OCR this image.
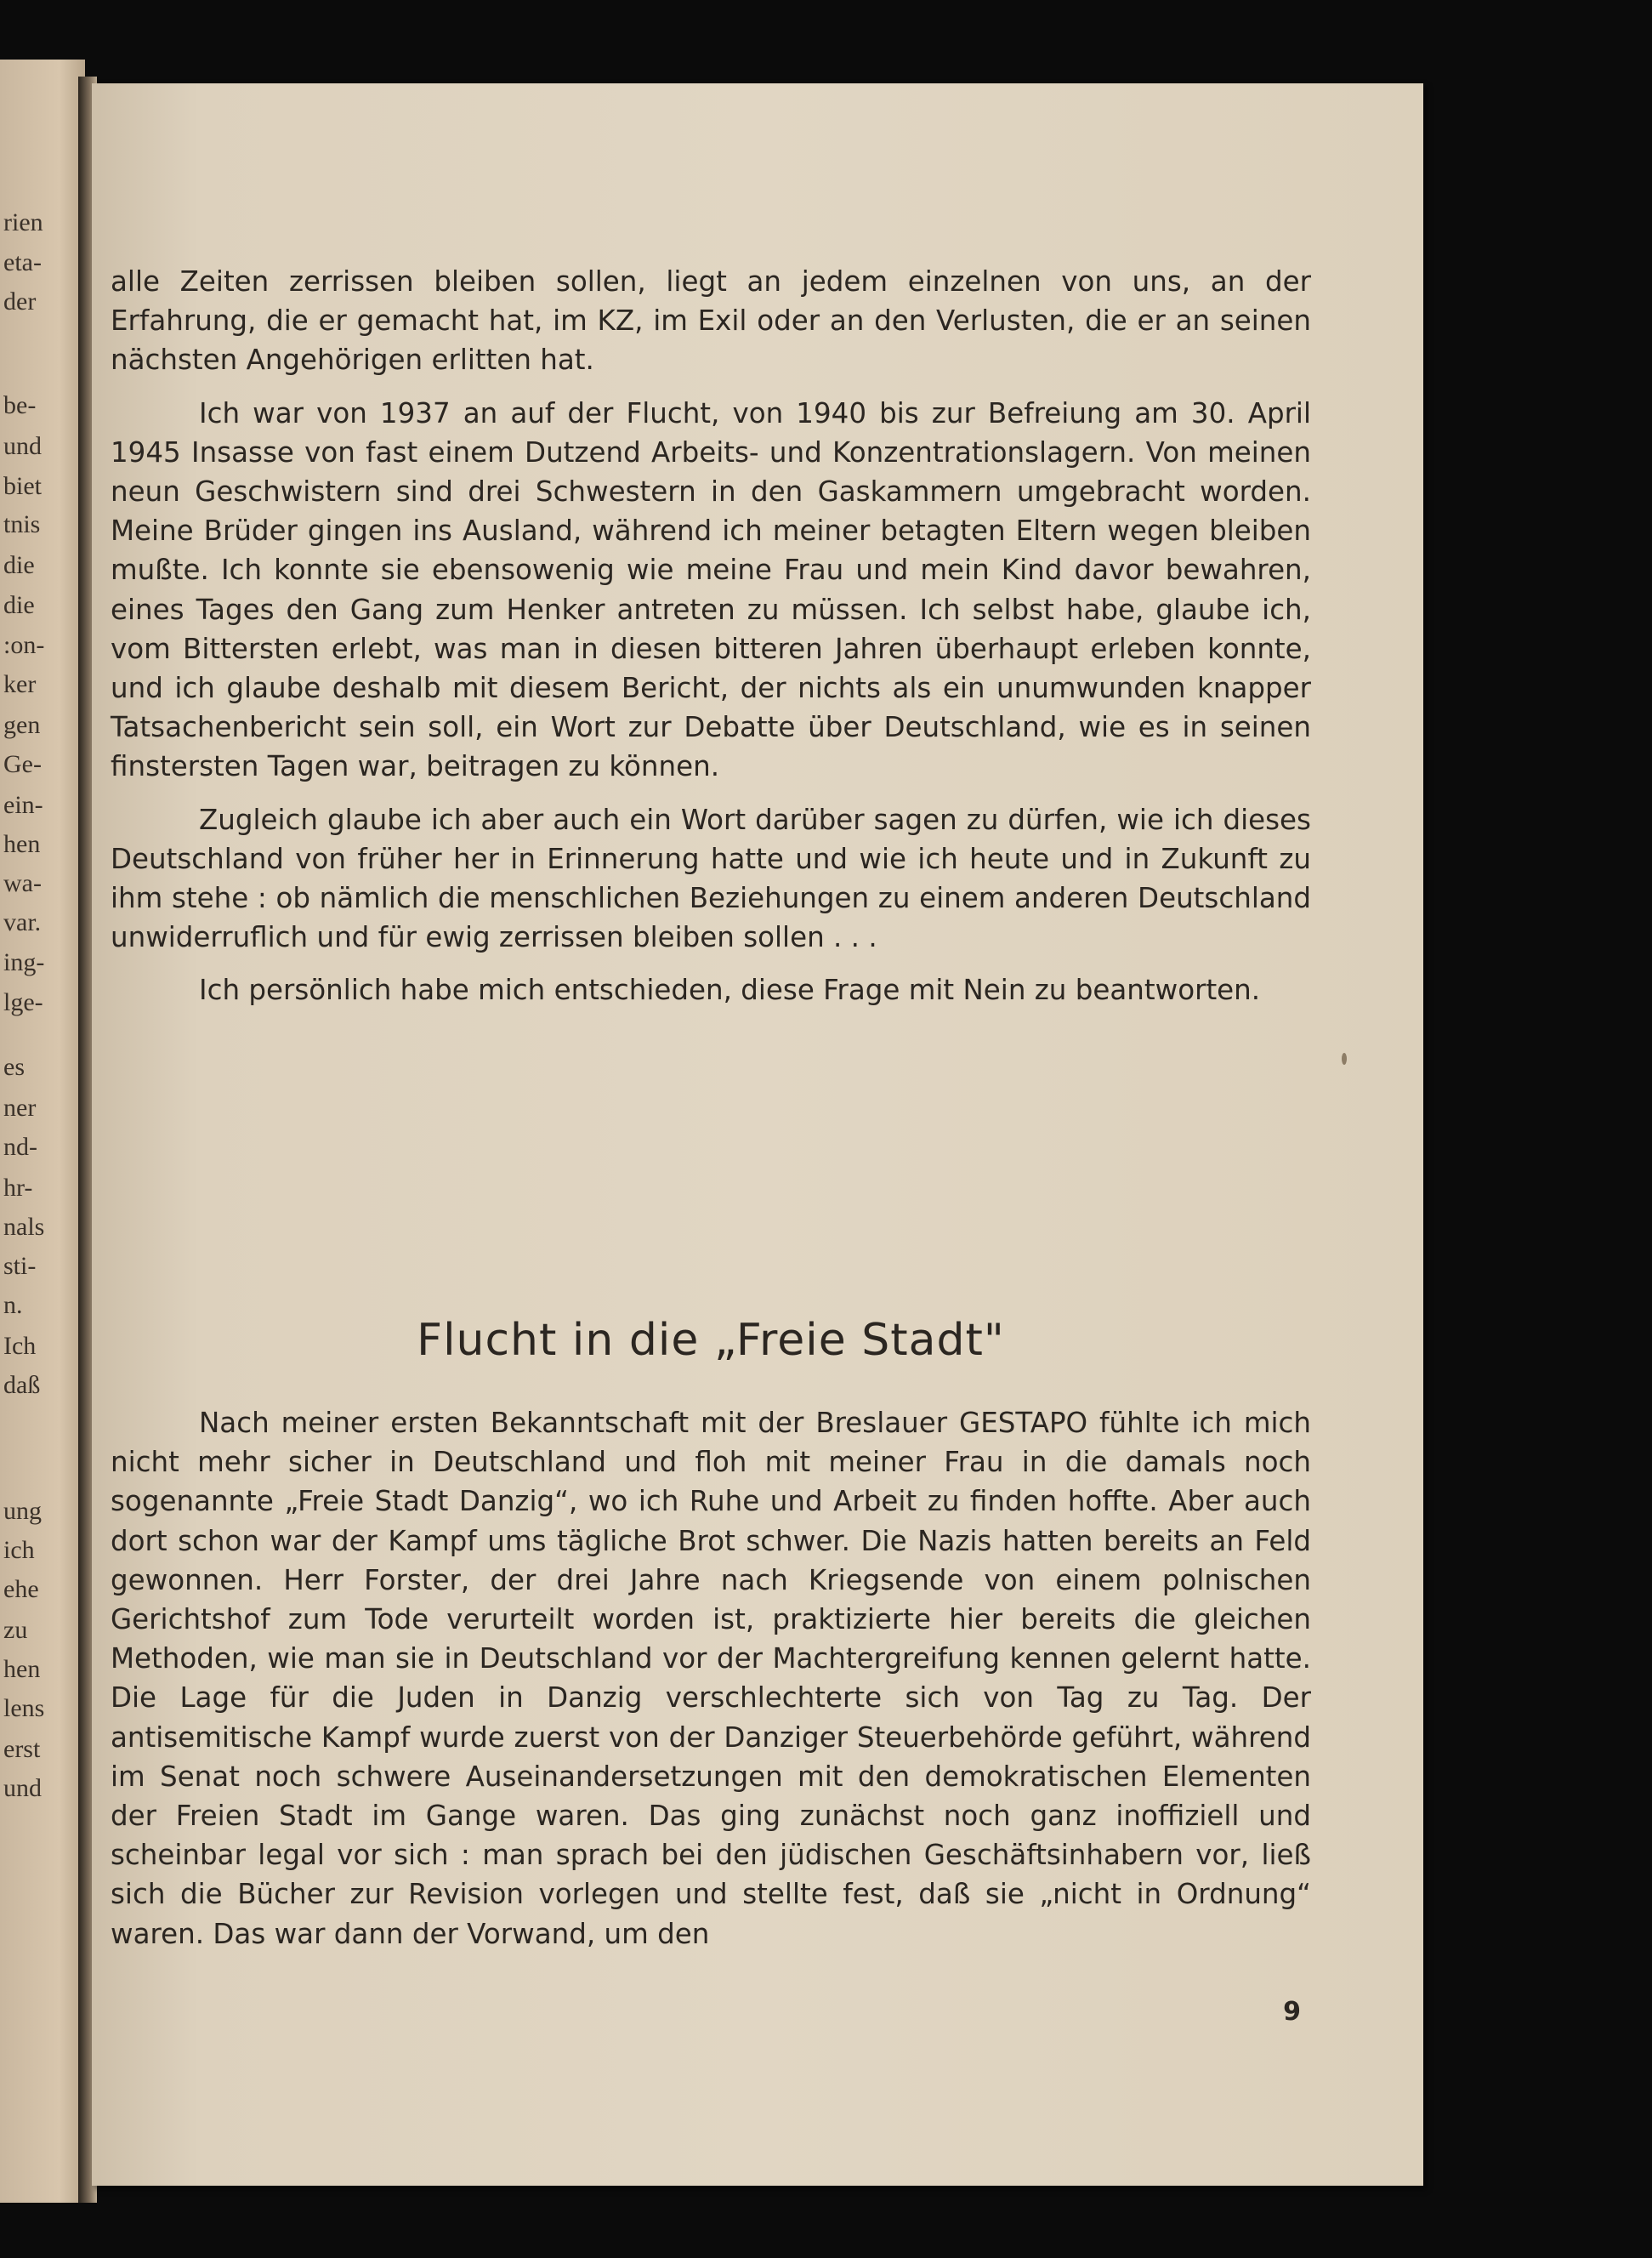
rien
eta-
der
be-
und
biet
tnis
die
die
:on-
ker
gen
Ge-
ein-
hen
wa-
var.
ing-
lge-
es
ner
nd-
hr-
nals
sti-
n.
Ich
daß
ung
ich
ehe
zu
hen
lens
erst
und

alle Zeiten zerrissen bleiben sollen, liegt an jedem einzelnen von uns, an der Erfahrung, die er gemacht hat, im KZ, im Exil oder an den Verlusten, die er an seinen nächsten Angehörigen erlitten hat.

Ich war von 1937 an auf der Flucht, von 1940 bis zur Befreiung am 30. April 1945 Insasse von fast einem Dutzend Arbeits- und Konzentrationslagern. Von meinen neun Geschwistern sind drei Schwestern in den Gaskammern umgebracht worden. Meine Brüder gingen ins Ausland, während ich meiner betagten Eltern wegen bleiben mußte. Ich konnte sie ebensowenig wie meine Frau und mein Kind davor bewahren, eines Tages den Gang zum Henker antreten zu müssen. Ich selbst habe, glaube ich, vom Bittersten erlebt, was man in diesen bitteren Jahren überhaupt erleben konnte, und ich glaube deshalb mit diesem Bericht, der nichts als ein unumwunden knapper Tatsachenbericht sein soll, ein Wort zur Debatte über Deutschland, wie es in seinen finstersten Tagen war, beitragen zu können.

Zugleich glaube ich aber auch ein Wort darüber sagen zu dürfen, wie ich dieses Deutschland von früher her in Erinnerung hatte und wie ich heute und in Zukunft zu ihm stehe : ob nämlich die menschlichen Beziehungen zu einem anderen Deutschland unwiderruflich und für ewig zerrissen bleiben sollen . . .

Ich persönlich habe mich entschieden, diese Frage mit Nein zu beantworten.

Flucht in die „Freie Stadt"

Nach meiner ersten Bekanntschaft mit der Breslauer GESTAPO fühlte ich mich nicht mehr sicher in Deutschland und floh mit meiner Frau in die damals noch sogenannte „Freie Stadt Danzig“, wo ich Ruhe und Arbeit zu finden hoffte. Aber auch dort schon war der Kampf ums tägliche Brot schwer. Die Nazis hatten bereits an Feld gewonnen. Herr Forster, der drei Jahre nach Kriegsende von einem polnischen Gerichtshof zum Tode verurteilt worden ist, praktizierte hier bereits die gleichen Methoden, wie man sie in Deutschland vor der Machtergreifung kennen gelernt hatte. Die Lage für die Juden in Danzig verschlechterte sich von Tag zu Tag. Der antisemitische Kampf wurde zuerst von der Danziger Steuerbehörde geführt, während im Senat noch schwere Auseinandersetzungen mit den demokratischen Elementen der Freien Stadt im Gange waren. Das ging zunächst noch ganz inoffiziell und scheinbar legal vor sich : man sprach bei den jüdischen Geschäftsinhabern vor, ließ sich die Bücher zur Revision vorlegen und stellte fest, daß sie „nicht in Ordnung“ waren. Das war dann der Vorwand, um den

9
